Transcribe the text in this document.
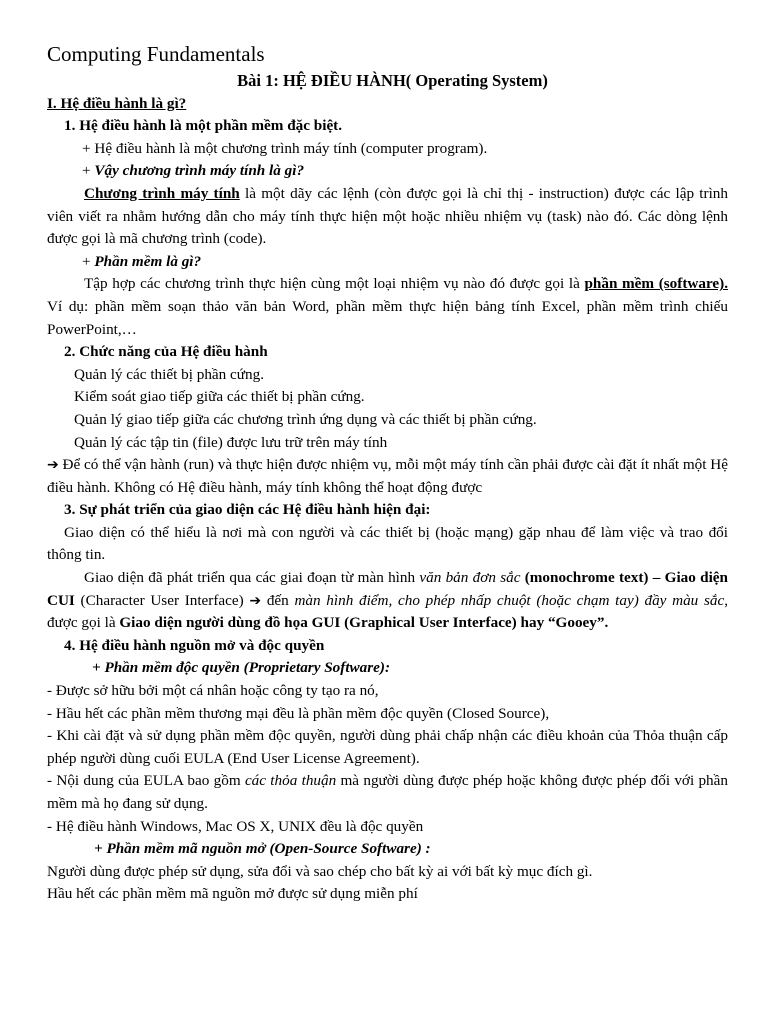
Computing Fundamentals
Bài 1: HỆ ĐIỀU HÀNH( Operating System)

I. Hệ điều hành là gì?

1. Hệ điều hành là một phần mềm đặc biệt.

+ Hệ điều hành là một chương trình máy tính (computer program).

+ Vậy chương trình máy tính là gì?

Chương trình máy tính là một dãy các lệnh (còn được gọi là chỉ thị - instruction) được các lập trình viên viết ra nhằm hướng dẫn cho máy tính thực hiện một hoặc nhiều nhiệm vụ (task) nào đó. Các dòng lệnh được gọi là mã chương trình (code).

+ Phần mềm là gì?

Tập hợp các chương trình thực hiện cùng một loại nhiệm vụ nào đó được gọi là phần mềm (software). Ví dụ: phần mềm soạn thảo văn bản Word, phần mềm thực hiện bảng tính Excel, phần mềm trình chiếu PowerPoint,…

2. Chức năng của Hệ điều hành

Quản lý các thiết bị phần cứng.

Kiểm soát giao tiếp giữa các thiết bị phần cứng.

Quản lý giao tiếp giữa các chương trình ứng dụng và các thiết bị phần cứng.

Quản lý các tập tin (file) được lưu trữ trên máy tính

➔ Để có thể vận hành (run) và thực hiện được nhiệm vụ, mỗi một máy tính cần phải được cài đặt ít nhất một Hệ điều hành. Không có Hệ điều hành, máy tính không thể hoạt động được

3. Sự phát triển của giao diện các Hệ điều hành hiện đại:

Giao diện có thể hiểu là nơi mà con người và các thiết bị (hoặc mạng) gặp nhau để làm việc và trao đổi thông tin.

Giao diện đã phát triển qua các giai đoạn từ màn hình văn bản đơn sắc (monochrome text) – Giao diện CUI (Character User Interface) ➔ đến màn hình điểm, cho phép nhấp chuột (hoặc chạm tay) đầy màu sắc, được gọi là Giao diện người dùng đồ họa GUI (Graphical User Interface) hay “Gooey”.

4. Hệ điều hành nguồn mở và độc quyền

+ Phần mềm độc quyền (Proprietary Software):

- Được sở hữu bởi một cá nhân hoặc công ty tạo ra nó,

- Hầu hết các phần mềm thương mại đều là phần mềm độc quyền (Closed Source),

- Khi cài đặt và sử dụng phần mềm độc quyền, người dùng phải chấp nhận các điều khoản của Thỏa thuận cấp phép người dùng cuối EULA (End User License Agreement).

- Nội dung của EULA bao gồm các thỏa thuận mà người dùng được phép hoặc không được phép đối với phần mềm mà họ đang sử dụng.

- Hệ điều hành Windows, Mac OS X, UNIX đều là độc quyền

+ Phần mềm mã nguồn mở (Open-Source Software) :

Người dùng được phép sử dụng, sửa đổi và sao chép cho bất kỳ ai với bất kỳ mục đích gì.

Hầu hết các phần mềm mã nguồn mở được sử dụng miễn phí
